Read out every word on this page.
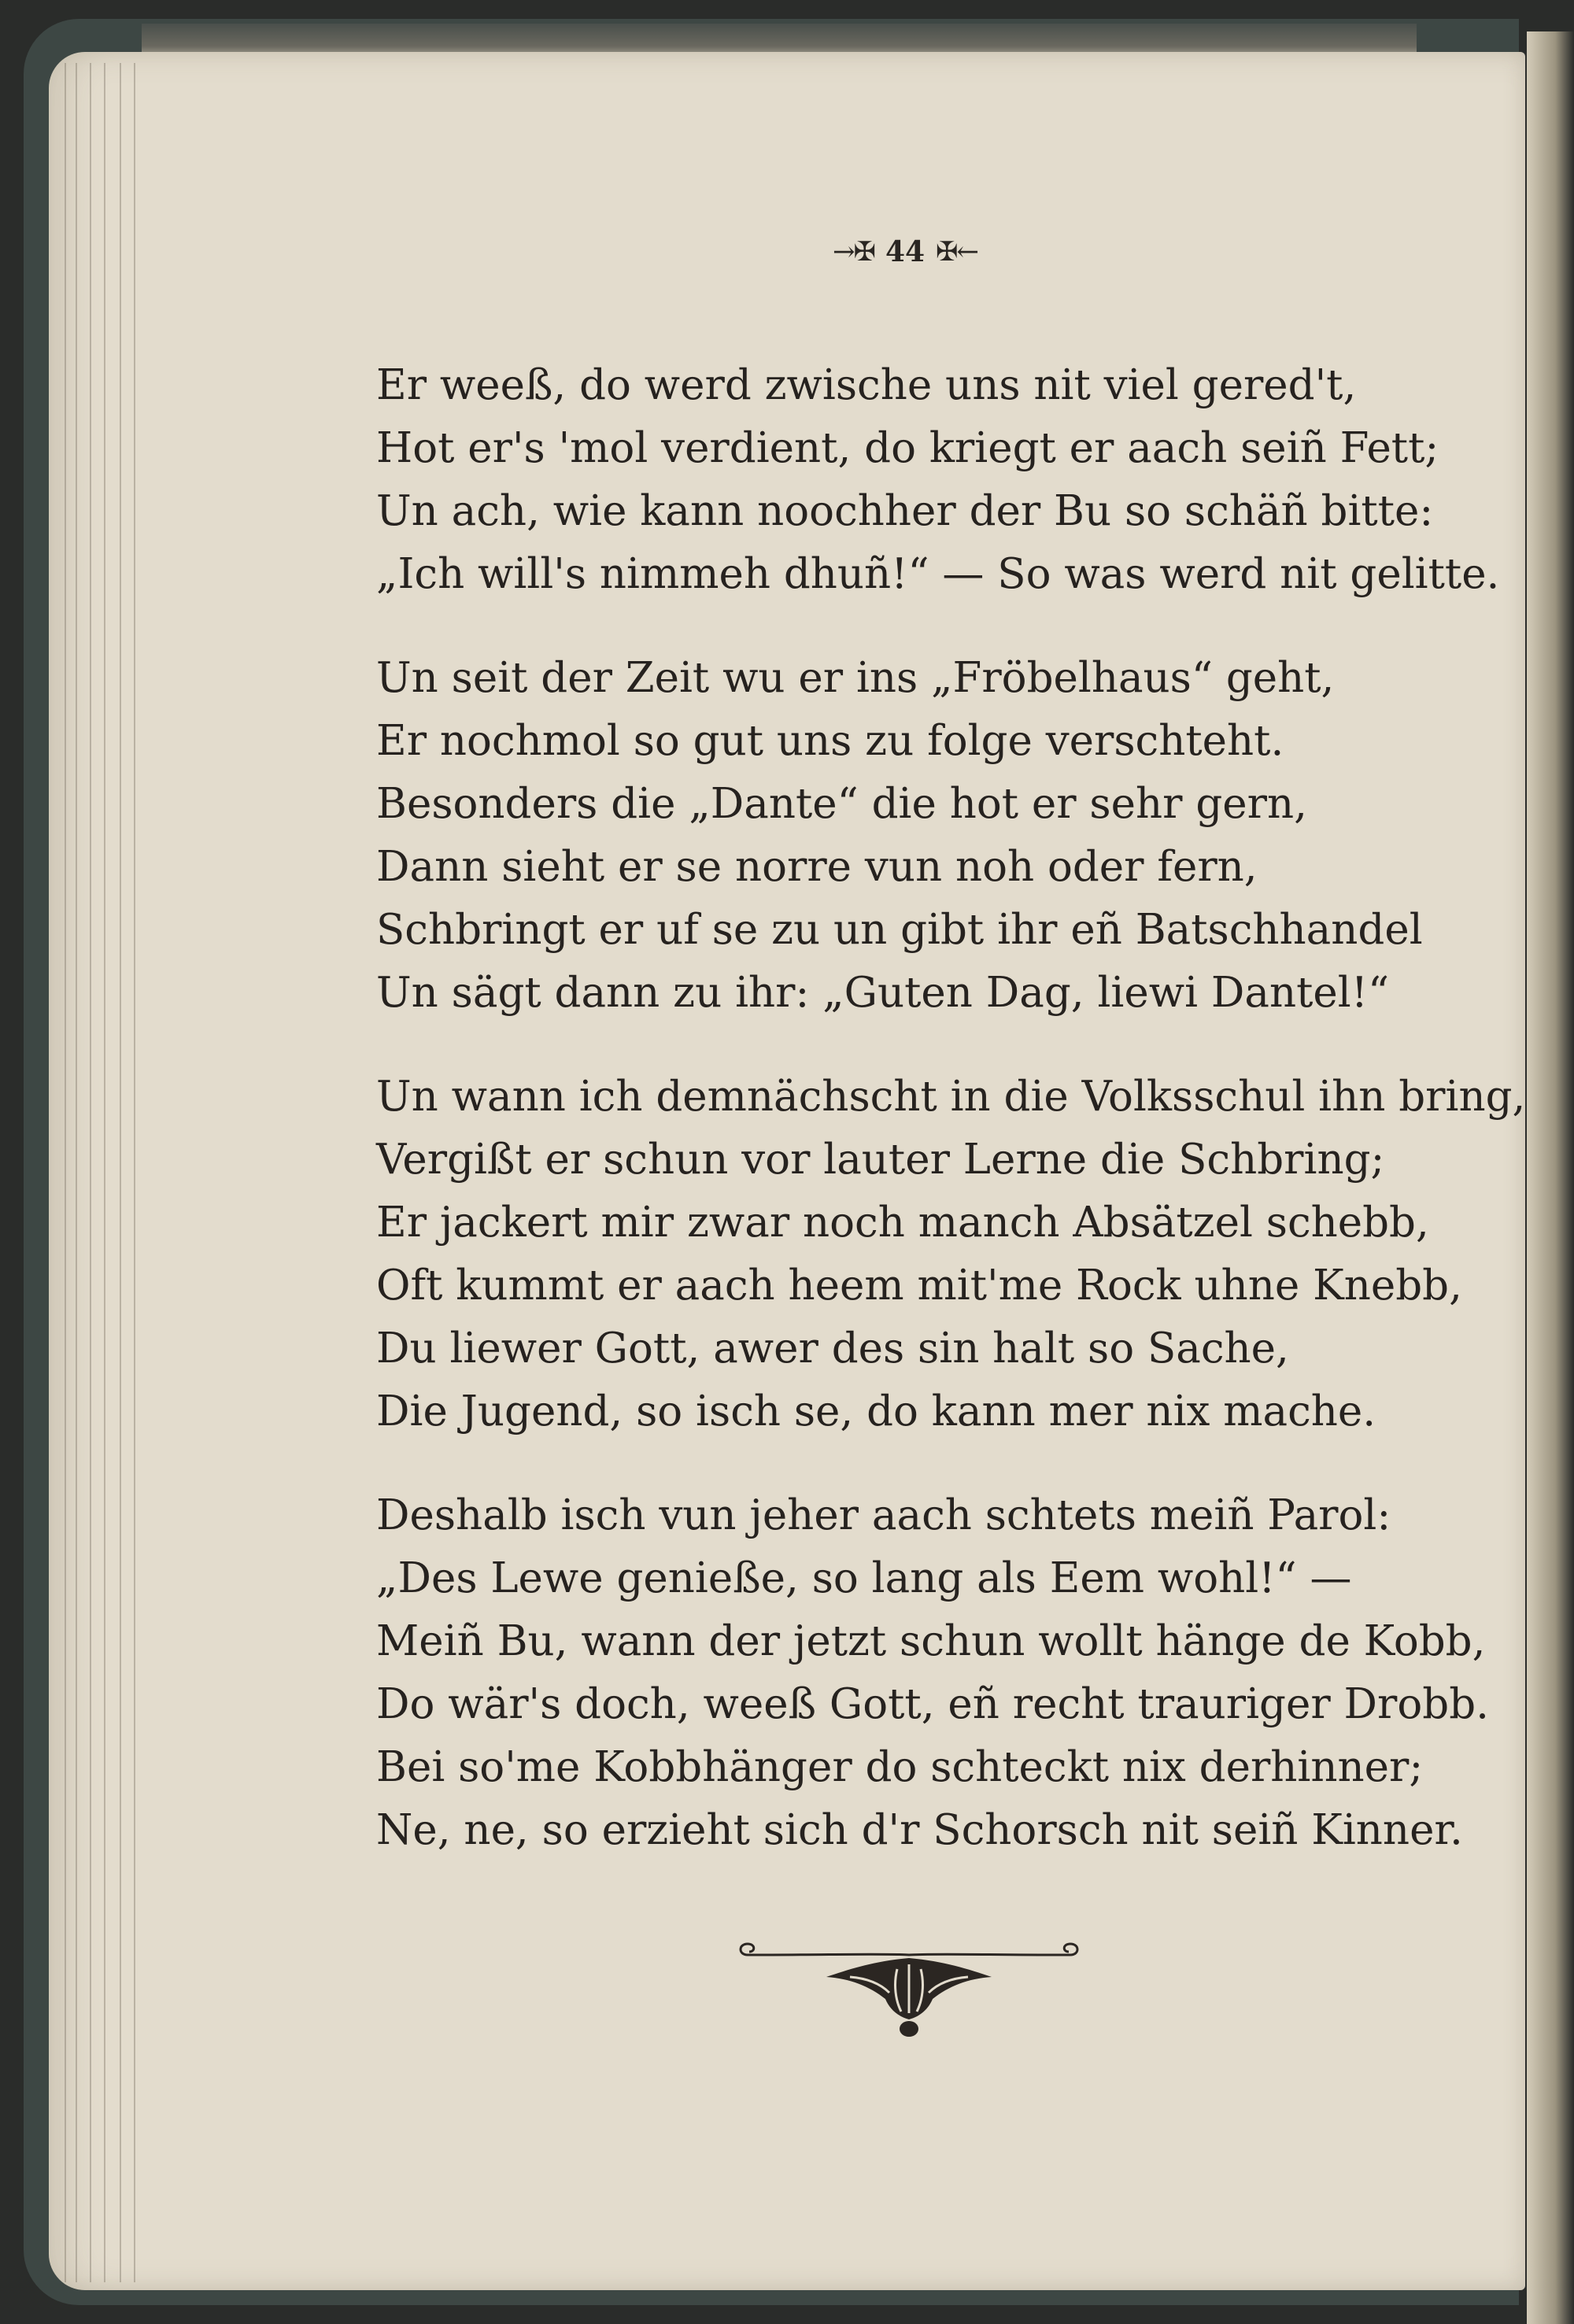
→✠ 44 ✠←
Er weeß, do werd zwische uns nit viel gered't,
Hot er's 'mol verdient, do kriegt er aach seiñ Fett;
Un ach, wie kann noochher der Bu so schäñ bitte:
„Ich will's nimmeh dhuñ!“ — So was werd nit gelitte.
Un seit der Zeit wu er ins „Fröbelhaus“ geht,
Er nochmol so gut uns zu folge verschteht.
Besonders die „Dante“ die hot er sehr gern,
Dann sieht er se norre vun noh oder fern,
Schbringt er uf se zu un gibt ihr eñ Batschhandel
Un sägt dann zu ihr: „Guten Dag, liewi Dantel!“
Un wann ich demnächscht in die Volksschul ihn bring,
Vergißt er schun vor lauter Lerne die Schbring;
Er jackert mir zwar noch manch Absätzel schebb,
Oft kummt er aach heem mit'me Rock uhne Knebb,
Du liewer Gott, awer des sin halt so Sache,
Die Jugend, so isch se, do kann mer nix mache.
Deshalb isch vun jeher aach schtets meiñ Parol:
„Des Lewe genieße, so lang als Eem wohl!“ —
Meiñ Bu, wann der jetzt schun wollt hänge de Kobb,
Do wär's doch, weeß Gott, eñ recht trauriger Drobb.
Bei so'me Kobbhänger do schteckt nix derhinner;
Ne, ne, so erzieht sich d'r Schorsch nit seiñ Kinner.
